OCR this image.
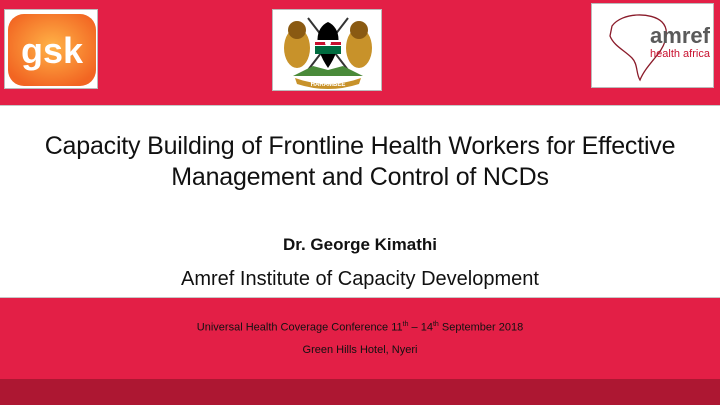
gsk
HARAMBEE
amref
health africa
Capacity Building of Frontline Health Workers for Effective
Management and Control of NCDs
Dr. George Kimathi
Amref Institute of Capacity Development
Universal Health Coverage Conference 11th – 14th September 2018
Green Hills Hotel, Nyeri
